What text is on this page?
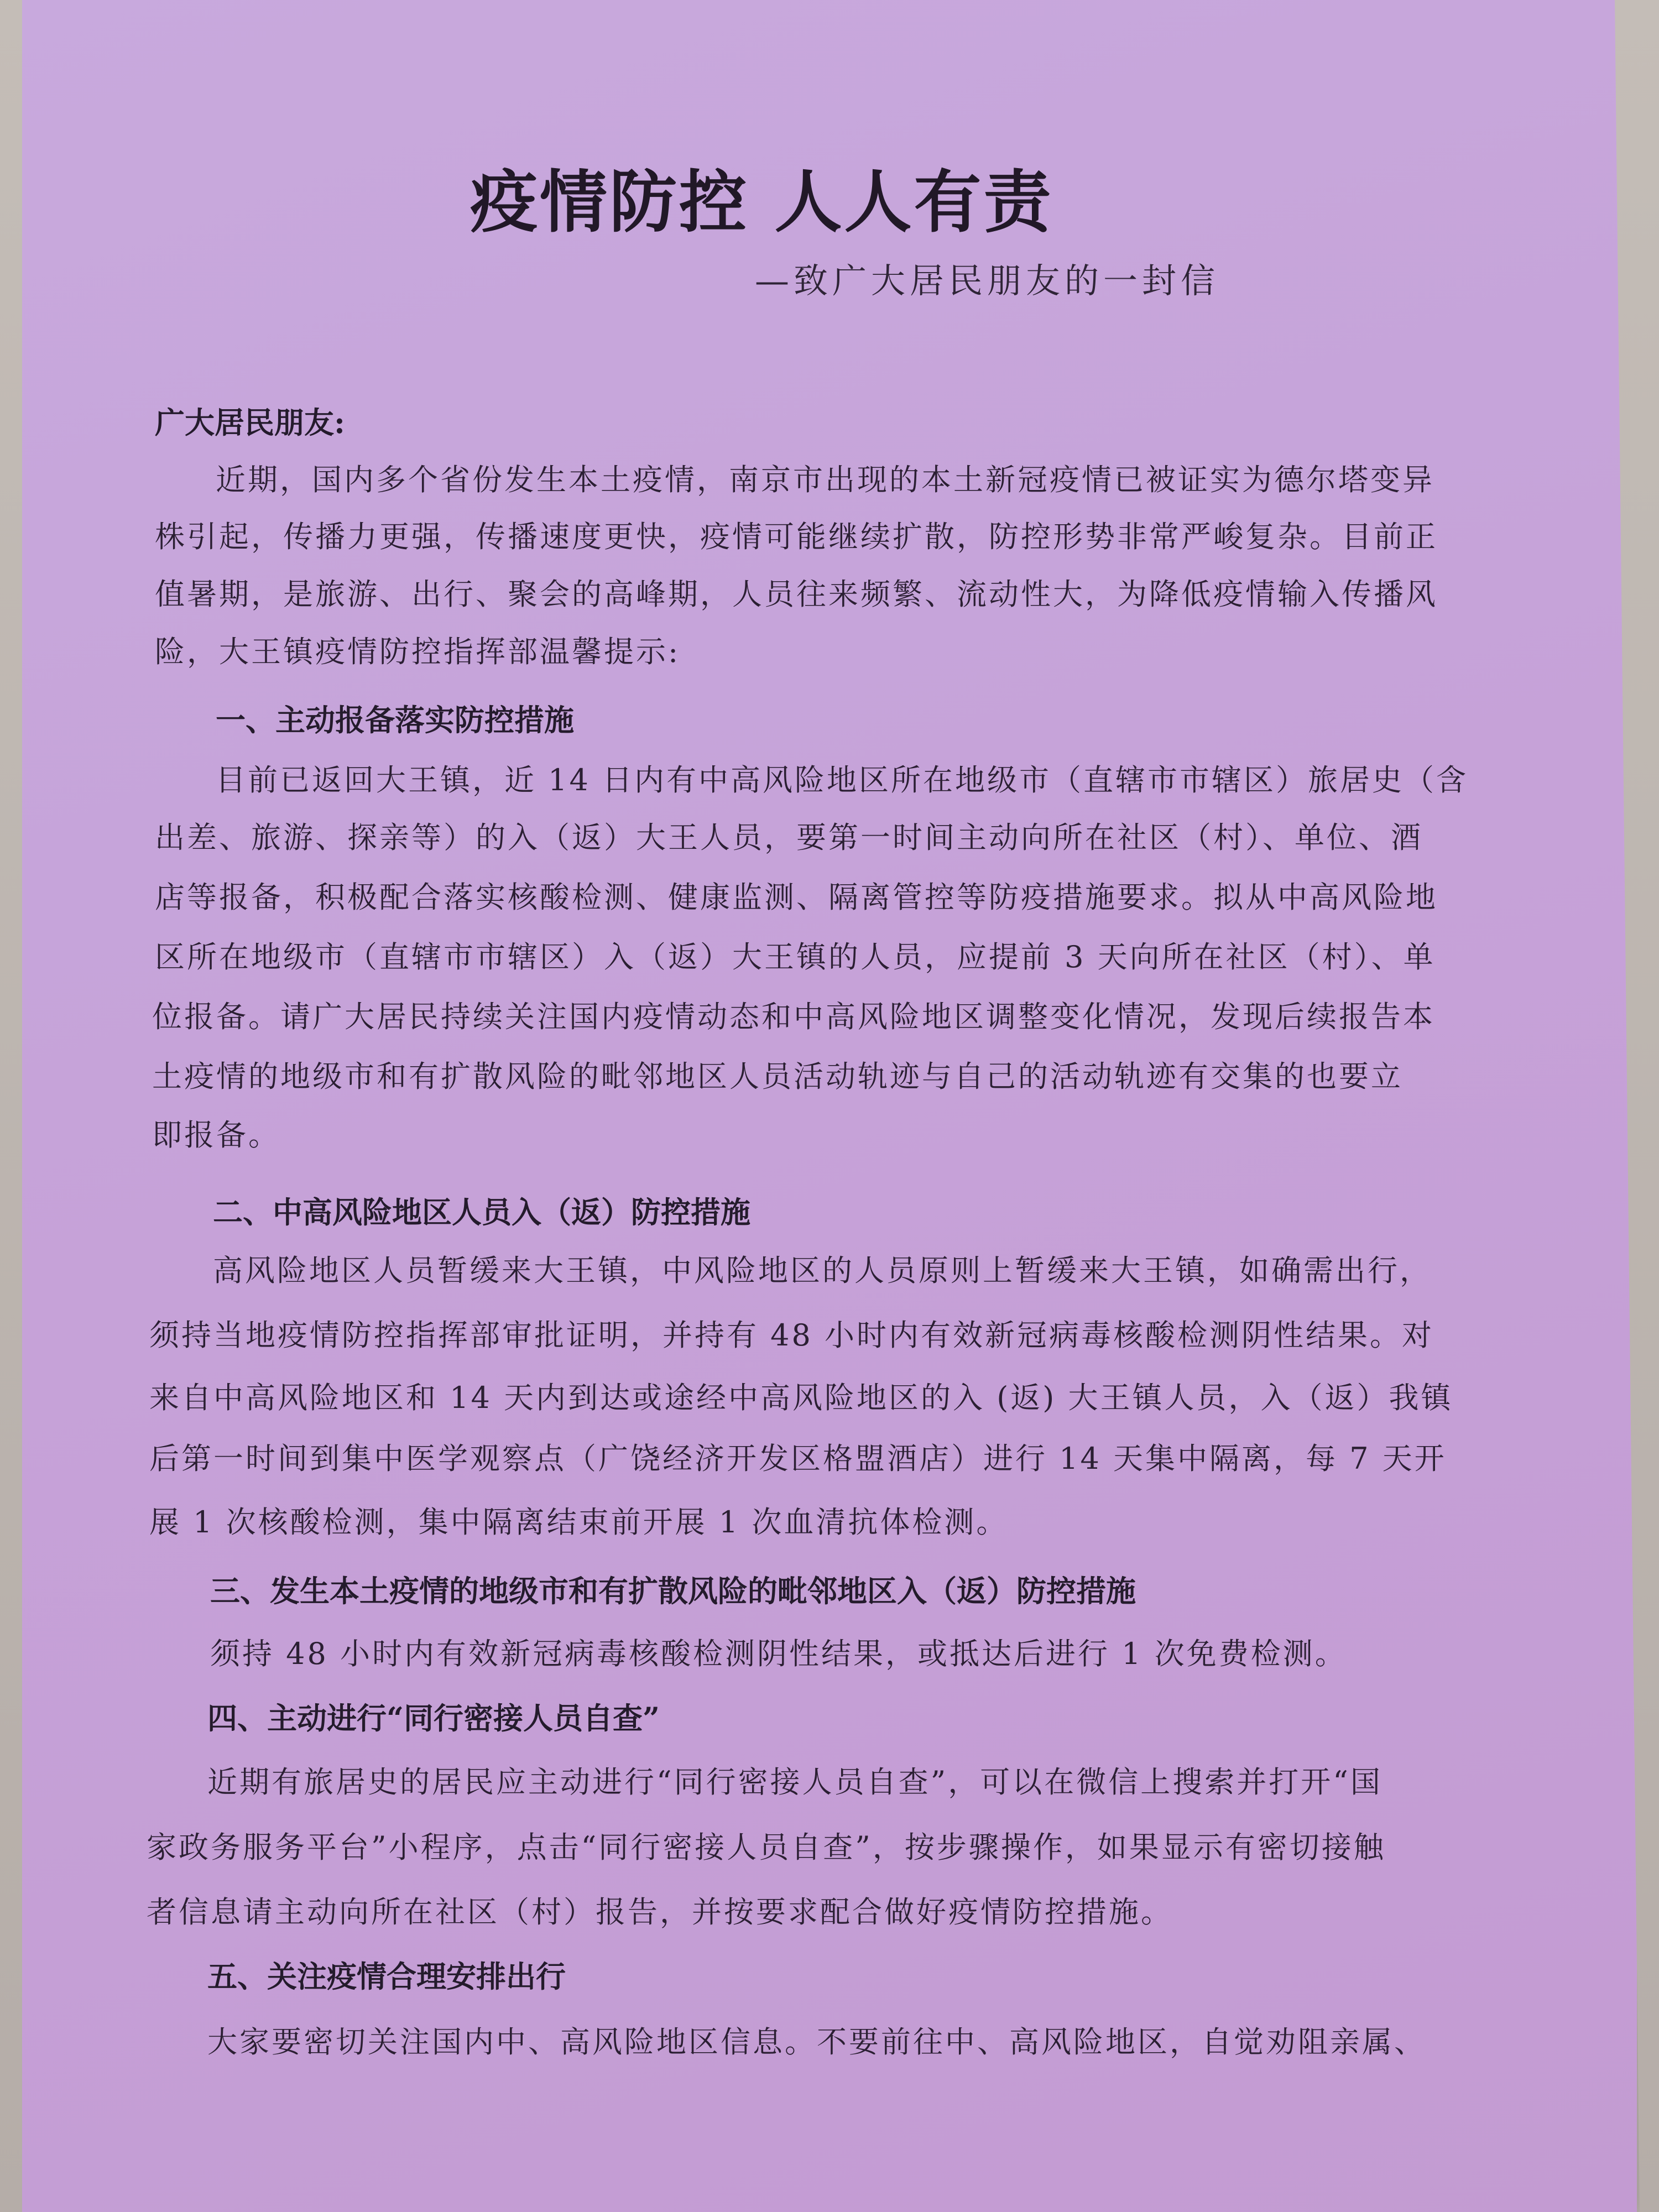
疫情防控 人人有责
—致广大居民朋友的一封信
广大居民朋友:
近期，国内多个省份发生本土疫情，南京市出现的本土新冠疫情已被证实为德尔塔变异
株引起，传播力更强，传播速度更快，疫情可能继续扩散，防控形势非常严峻复杂。目前正
值暑期，是旅游、出行、聚会的高峰期，人员往来频繁、流动性大，为降低疫情输入传播风
险，大王镇疫情防控指挥部温馨提示:
一、主动报备落实防控措施
目前已返回大王镇，近 14 日内有中高风险地区所在地级市（直辖市市辖区）旅居史（含
出差、旅游、探亲等）的入（返）大王人员，要第一时间主动向所在社区（村）、单位、酒
店等报备，积极配合落实核酸检测、健康监测、隔离管控等防疫措施要求。拟从中高风险地
区所在地级市（直辖市市辖区）入（返）大王镇的人员，应提前 3 天向所在社区（村）、单
位报备。请广大居民持续关注国内疫情动态和中高风险地区调整变化情况，发现后续报告本
土疫情的地级市和有扩散风险的毗邻地区人员活动轨迹与自己的活动轨迹有交集的也要立
即报备。
二、中高风险地区人员入（返）防控措施
高风险地区人员暂缓来大王镇，中风险地区的人员原则上暂缓来大王镇，如确需出行，
须持当地疫情防控指挥部审批证明，并持有 48 小时内有效新冠病毒核酸检测阴性结果。对
来自中高风险地区和 14 天内到达或途经中高风险地区的入 (返) 大王镇人员，入（返）我镇
后第一时间到集中医学观察点（广饶经济开发区格盟酒店）进行 14 天集中隔离，每 7 天开
展 1 次核酸检测，集中隔离结束前开展 1 次血清抗体检测。
三、发生本土疫情的地级市和有扩散风险的毗邻地区入（返）防控措施
须持 48 小时内有效新冠病毒核酸检测阴性结果，或抵达后进行 1 次免费检测。
四、主动进行“同行密接人员自查”
近期有旅居史的居民应主动进行“同行密接人员自查”，可以在微信上搜索并打开“国
家政务服务平台”小程序，点击“同行密接人员自查”，按步骤操作，如果显示有密切接触
者信息请主动向所在社区（村）报告，并按要求配合做好疫情防控措施。
五、关注疫情合理安排出行
大家要密切关注国内中、高风险地区信息。不要前往中、高风险地区，自觉劝阻亲属、
